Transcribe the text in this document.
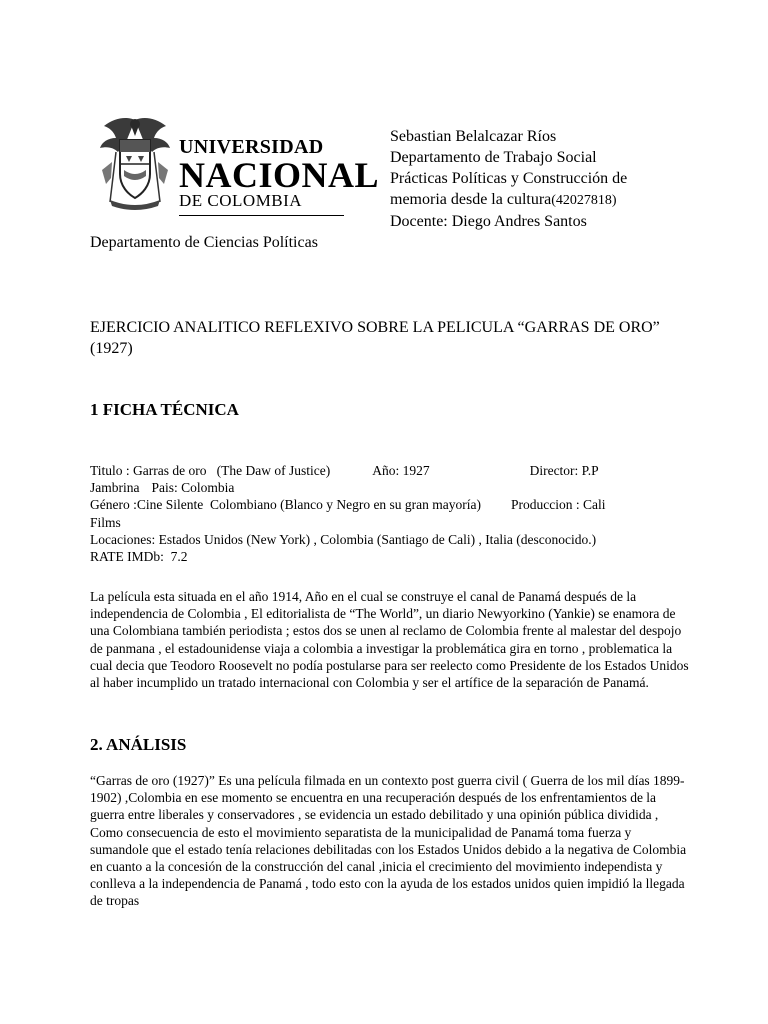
UNIVERSIDAD
NACIONAL
DE COLOMBIA
Departamento de Ciencias Políticas
Sebastian Belalcazar Ríos
Departamento de Trabajo Social
Prácticas Políticas y Construcción de
memoria desde la cultura(42027818)
Docente: Diego Andres Santos
EJERCICIO ANALITICO REFLEXIVO SOBRE LA PELICULA “GARRAS DE ORO” (1927)
1 FICHA TÉCNICA
Titulo : Garras de oro   (The Daw of Justice)	Año: 1927	Director: P.P
Jambrina Pais: Colombia
Género :Cine Silente  Colombiano (Blanco y Negro en su gran mayoría) Produccion : Cali
Films
Locaciones: Estados Unidos (New York) , Colombia (Santiago de Cali) , Italia (desconocido.)
RATE IMDb:  7.2
La película esta situada en el año 1914, Año en el cual se construye el canal de Panamá después de la independencia de Colombia , El editorialista de “The World”, un diario Newyorkino (Yankie) se enamora de una Colombiana también periodista ; estos dos se unen al reclamo de Colombia frente al malestar del despojo de panmana , el estadounidense viaja a colombia a investigar la problemática gira en torno , problematica la cual decia que Teodoro Roosevelt no podía postularse para ser reelecto como Presidente de los Estados Unidos al haber incumplido un tratado internacional con Colombia y ser el artífice de la separación de Panamá.
2. ANÁLISIS
“Garras de oro (1927)” Es una película filmada en un contexto post guerra civil ( Guerra de los mil días 1899-1902) ,Colombia en ese momento se encuentra en una recuperación después de los enfrentamientos de la guerra entre liberales y conservadores , se evidencia un estado debilitado y una opinión pública dividida , Como consecuencia de esto el movimiento separatista de la municipalidad de Panamá toma fuerza y sumandole que el estado tenía relaciones debilitadas con los Estados Unidos debido a la negativa de Colombia en cuanto a la concesión de la construcción del canal ,inicia el crecimiento del movimiento independista y conlleva a la independencia de Panamá , todo esto con la ayuda de los estados unidos quien impidió la llegada de tropas
